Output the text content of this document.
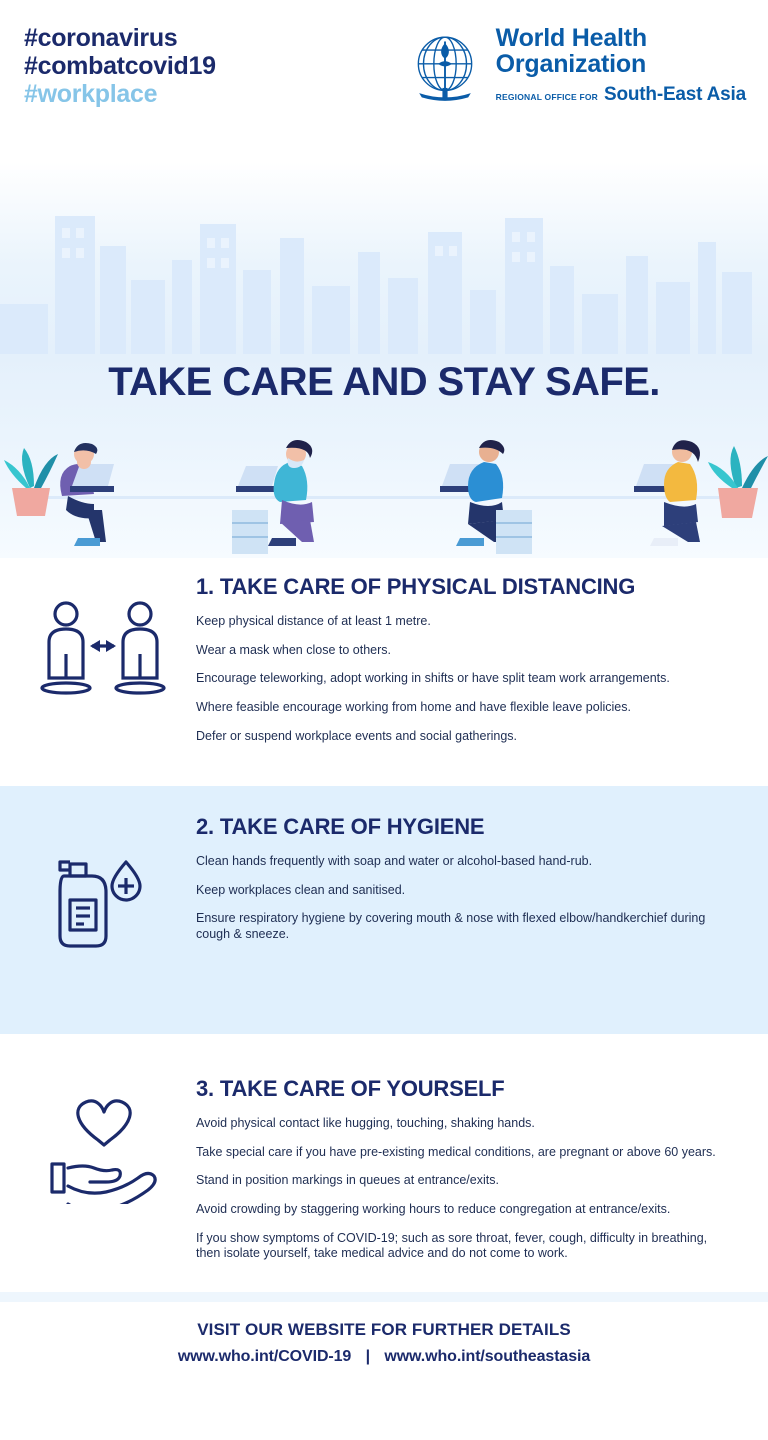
#coronavirus
#combatcovid19
#workplace
World Health
Organization
REGIONAL OFFICE FOR South-East Asia
TAKE CARE AND STAY SAFE.
1. TAKE CARE OF PHYSICAL DISTANCING
Keep physical distance of at least 1 metre.
Wear a mask when close to others.
Encourage teleworking, adopt working in shifts or have split team work arrangements.
Where feasible encourage working from home and have flexible leave policies.
Defer or suspend workplace events and social gatherings.
2. TAKE CARE OF HYGIENE
Clean hands frequently with soap and water or alcohol-based hand-rub.
Keep workplaces clean and sanitised.
Ensure respiratory hygiene by covering mouth & nose with flexed elbow/handkerchief during cough & sneeze.
3. TAKE CARE OF YOURSELF
Avoid physical contact like hugging, touching, shaking hands.
Take special care if you have pre-existing medical conditions, are pregnant or above 60 years.
Stand in position markings in queues at entrance/exits.
Avoid crowding by staggering working hours to reduce congregation at entrance/exits.
If you show symptoms of COVID-19; such as sore throat, fever, cough, difficulty in breathing, then isolate yourself, take medical advice and do not come to work.
VISIT OUR WEBSITE FOR FURTHER DETAILS
www.who.int/COVID-19 | www.who.int/southeastasia
